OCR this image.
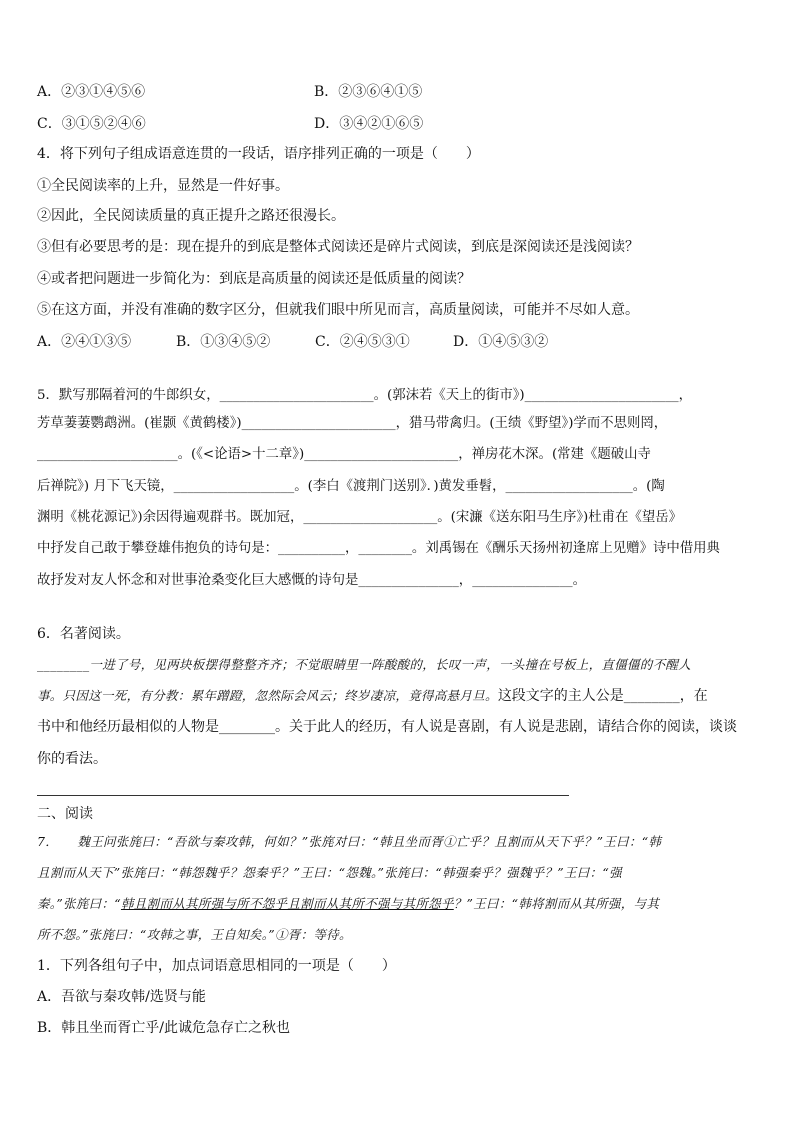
A．②③①④⑤⑥	B．②③⑥④①⑤
C．③①⑤②④⑥	D．③④②①⑥⑤
4．将下列句子组成语意连贯的一段话，语序排列正确的一项是（　　）
①全民阅读率的上升，显然是一件好事。
②因此，全民阅读质量的真正提升之路还很漫长。
③但有必要思考的是：现在提升的到底是整体式阅读还是碎片式阅读，到底是深阅读还是浅阅读？
④或者把问题进一步简化为：到底是高质量的阅读还是低质量的阅读？
⑤在这方面，并没有准确的数字区分，但就我们眼中所见而言，高质量阅读，可能并不尽如人意。
A．②④①③⑤	B．①③④⑤②	C．②④⑤③①	D．①④⑤③②
5．默写那隔着河的牛郎织女，_______________________。(郭沫若《天上的街市》)_______________________，
芳草萋萋鹦鹉洲。(崔颢《黄鹤楼》)_______________________，猎马带禽归。(王绩《野望》)学而不思则罔，
_____________________。(《<论语>十二章》)_______________________，禅房花木深。(常建《题破山寺
后禅院》) 月下飞天镜，__________________。(李白《渡荆门送别》．)黄发垂髫，___________________。(陶
渊明《桃花源记》)余因得遍观群书。既加冠，____________________。(宋濂《送东阳马生序》)杜甫在《望岳》
中抒发自己敢于攀登雄伟抱负的诗句是：__________，________。刘禹锡在《酬乐天扬州初逢席上见赠》诗中借用典
故抒发对友人怀念和对世事沧桑变化巨大感慨的诗句是_______________，_______________。
6．名著阅读。
________一进了号，见两块板摆得整整齐齐；不觉眼睛里一阵酸酸的，长叹一声，一头撞在号板上，直僵僵的不醒人
事。只因这一死，有分教：累年蹭蹬，忽然际会风云；终岁凄凉，竟得高悬月旦。这段文字的主人公是________，在
书中和他经历最相似的人物是________。关于此人的经历，有人说是喜剧，有人说是悲剧，请结合你的阅读，谈谈
你的看法。
二、阅读
7．　　魏王问张旄曰：“吾欲与秦攻韩，何如？”张旄对曰：“韩且坐而胥①亡乎？且割而从天下乎？”王曰：“韩
且割而从天下”张旄曰：“韩怨魏乎？怨秦乎？”王曰：“怨魏。”张旄曰：“韩强秦乎？强魏乎？”王曰：“强
秦。”张旄曰：“韩且割而从其所强与所不怨乎且割而从其所不强与其所怨乎？”王曰：“韩将割而从其所强，与其
所不怨。”张旄曰：“攻韩之事，王自知矣。”①胥：等待。
1．下列各组句子中，加点词语意思相同的一项是（　　）
A．吾欲与秦攻韩/选贤与能
B．韩且坐而胥亡乎/此诚危急存亡之秋也
